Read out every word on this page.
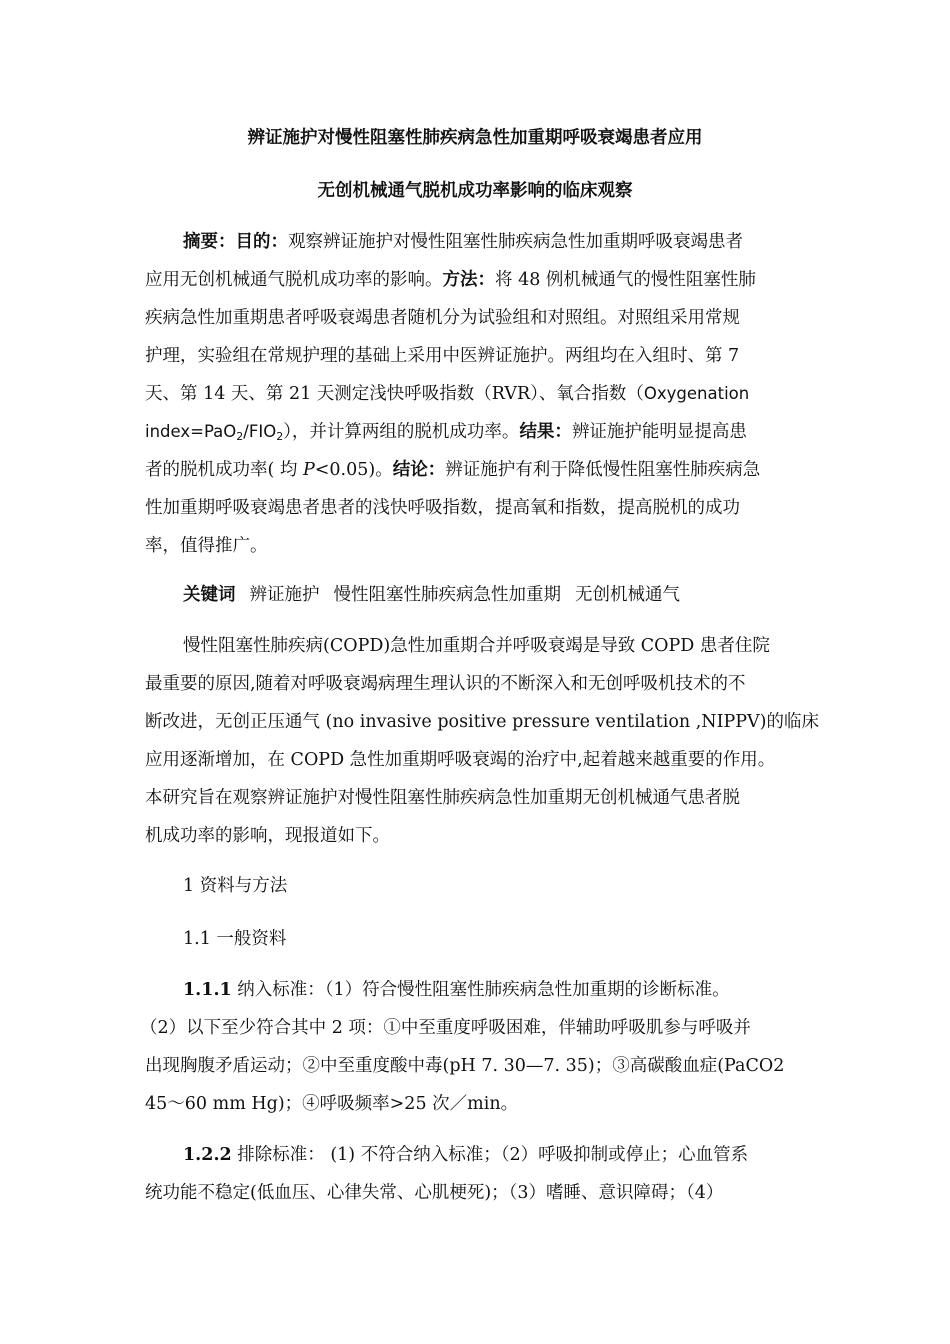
辨证施护对慢性阻塞性肺疾病急性加重期呼吸衰竭患者应用
无创机械通气脱机成功率影响的临床观察
摘要：目的：观察辨证施护对慢性阻塞性肺疾病急性加重期呼吸衰竭患者
应用无创机械通气脱机成功率的影响。方法：将 48 例机械通气的慢性阻塞性肺
疾病急性加重期患者呼吸衰竭患者随机分为试验组和对照组。对照组采用常规
护理，实验组在常规护理的基础上采用中医辨证施护。两组均在入组时、第 7
天、第 14 天、第 21 天测定浅快呼吸指数（RVR）、氧合指数（Oxygenation
$index=PaO_2/FIO_2$），并计算两组的脱机成功率。结果：辨证施护能明显提高患
者的脱机成功率( 均 P<0.05)。结论：辨证施护有利于降低慢性阻塞性肺疾病急
性加重期呼吸衰竭患者患者的浅快呼吸指数，提高氧和指数，提高脱机的成功
率，值得推广。
关键词 辨证施护 慢性阻塞性肺疾病急性加重期 无创机械通气
慢性阻塞性肺疾病(COPD)急性加重期合并呼吸衰竭是导致 COPD 患者住院
最重要的原因,随着对呼吸衰竭病理生理认识的不断深入和无创呼吸机技术的不
断改进，无创正压通气 (no invasive positive pressure ventilation ,NIPPV)的临床
应用逐渐增加，在 COPD 急性加重期呼吸衰竭的治疗中,起着越来越重要的作用。
本研究旨在观察辨证施护对慢性阻塞性肺疾病急性加重期无创机械通气患者脱
机成功率的影响，现报道如下。
1 资料与方法
1.1 一般资料
1.1.1 纳入标准：（1）符合慢性阻塞性肺疾病急性加重期的诊断标准。
（2）以下至少符合其中 2 项：①中至重度呼吸困难，伴辅助呼吸肌参与呼吸并
出现胸腹矛盾运动；②中至重度酸中毒(pH 7. 30—7. 35)；③高碳酸血症(PaCO2
45～60 mm Hg)；④呼吸频率>25 次／min。
1.2.2 排除标准： (1) 不符合纳入标准；（2）呼吸抑制或停止；心血管系
统功能不稳定(低血压、心律失常、心肌梗死)；（3）嗜睡、意识障碍；（4）
